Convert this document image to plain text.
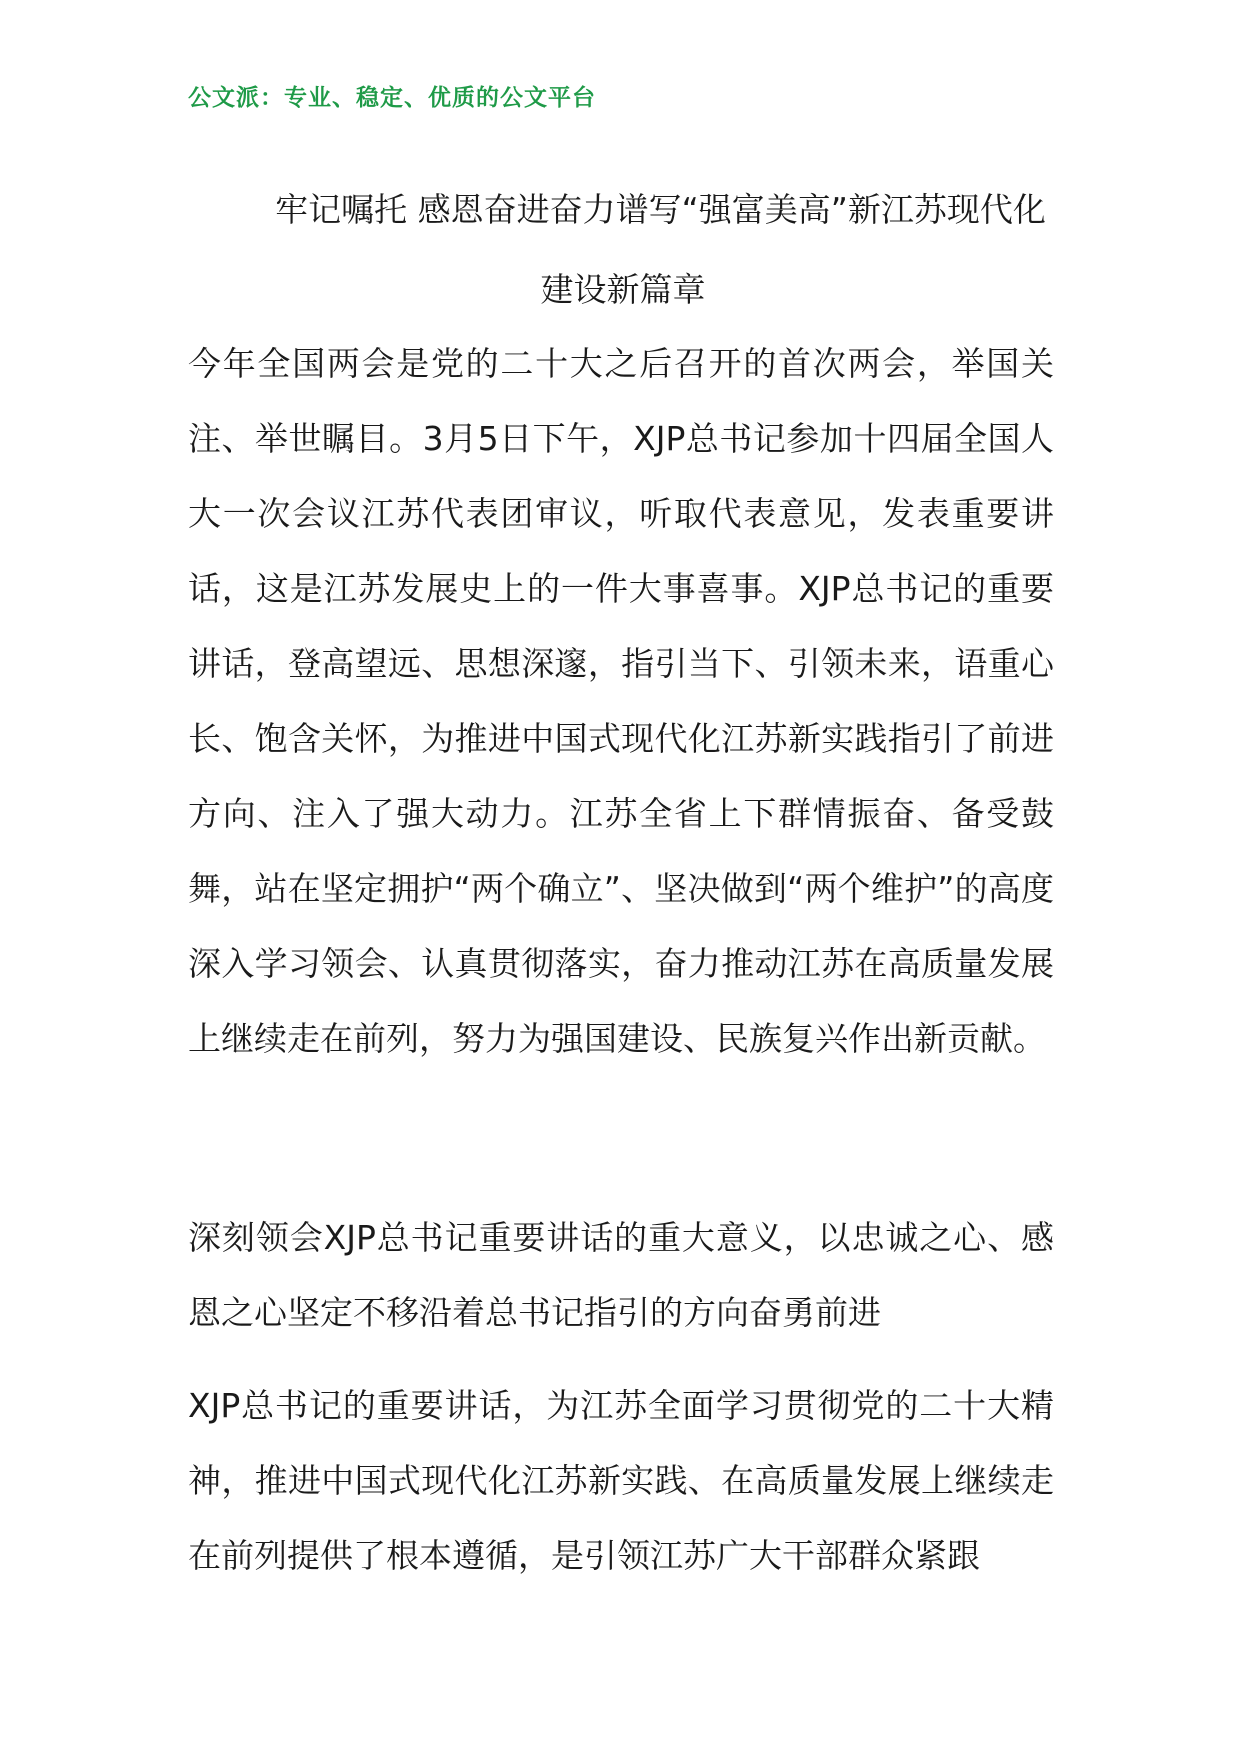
公文派：专业、稳定、优质的公文平台
牢记嘱托 感恩奋进奋力谱写“强富美高”新江苏现代化建设新篇章
今年全国两会是党的二十大之后召开的首次两会，举国关注、举世瞩目。3月5日下午，XJP总书记参加十四届全国人大一次会议江苏代表团审议，听取代表意见，发表重要讲话，这是江苏发展史上的一件大事喜事。XJP总书记的重要讲话，登高望远、思想深邃，指引当下、引领未来，语重心长、饱含关怀，为推进中国式现代化江苏新实践指引了前进方向、注入了强大动力。江苏全省上下群情振奋、备受鼓舞，站在坚定拥护“两个确立”、坚决做到“两个维护”的高度深入学习领会、认真贯彻落实，奋力推动江苏在高质量发展上继续走在前列，努力为强国建设、民族复兴作出新贡献。
深刻领会XJP总书记重要讲话的重大意义，以忠诚之心、感恩之心坚定不移沿着总书记指引的方向奋勇前进
XJP总书记的重要讲话，为江苏全面学习贯彻党的二十大精神，推进中国式现代化江苏新实践、在高质量发展上继续走在前列提供了根本遵循，是引领江苏广大干部群众紧跟
